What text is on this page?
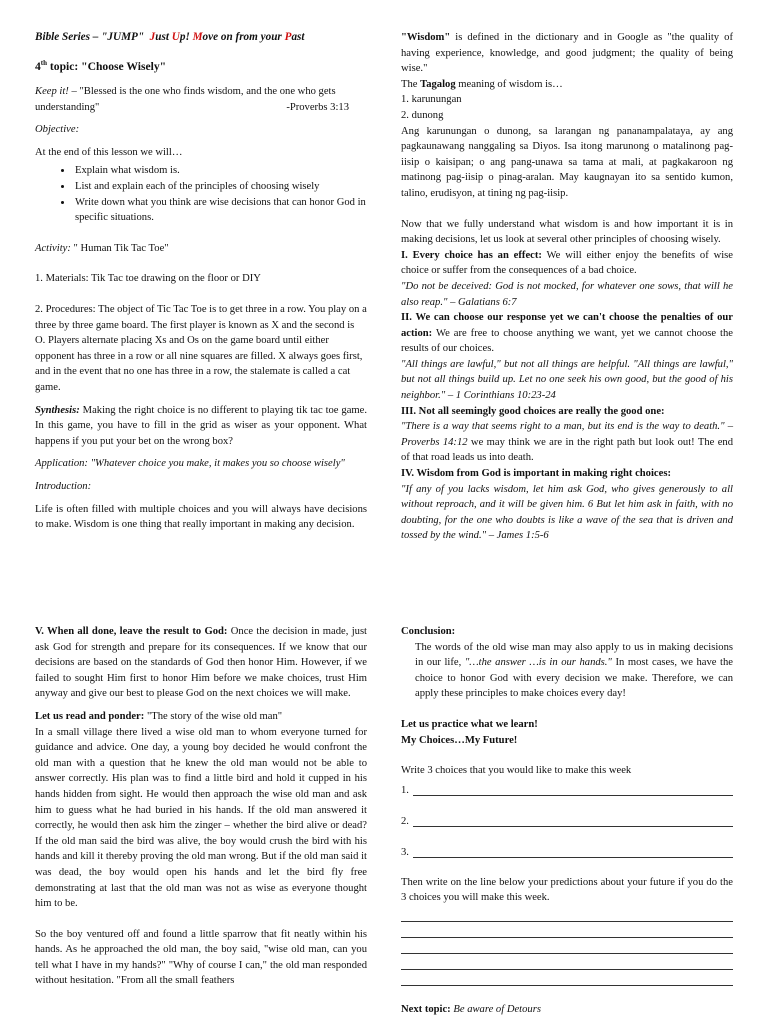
Bible Series – "JUMP" Just Up! Move on from your Past

4th topic: "Choose Wisely"

Keep it! – "Blessed is the one who finds wisdom, and the one who gets

understanding"	-Proverbs 3:13

Objective:

At the end of this lesson we will…

• Explain what wisdom is.
• List and explain each of the principles of choosing wisely
• Write down what you think are wise decisions that can honor God in specific situations.

Activity: " Human Tik Tac Toe"

1. Materials: Tik Tac toe drawing on the floor or DIY

2. Procedures: The object of Tic Tac Toe is to get three in a row. You play on a three by three game board. The first player is known as X and the second is O. Players alternate placing Xs and Os on the game board until either opponent has three in a row or all nine squares are filled. X always goes first, and in the event that no one has three in a row, the stalemate is called a cat game.

Synthesis: Making the right choice is no different to playing tik tac toe game. In this game, you have to fill in the grid as wiser as your opponent. What happens if you put your bet on the wrong box?

Application: "Whatever choice you make, it makes you so choose wisely"

Introduction:

Life is often filled with multiple choices and you will always have decisions to make. Wisdom is one thing that really important in making any decision.

"Wisdom" is defined in the dictionary and in Google as "the quality of having experience, knowledge, and good judgment; the quality of being wise."

The Tagalog meaning of wisdom is…

1. karunungan

2. dunong

Ang karunungan o dunong, sa larangan ng pananampalataya, ay ang pagkaunawang nanggaling sa Diyos. Isa itong marunong o matalinong pag-iisip o kaisipan; o ang pang-unawa sa tama at mali, at pagkakaroon ng matinong pag-iisip o pinag-aralan. May kaugnayan ito sa sentido kumon, talino, erudisyon, at tining ng pag-iisip.

Now that we fully understand what wisdom is and how important it is in making decisions, let us look at several other principles of choosing wisely.

I. Every choice has an effect: We will either enjoy the benefits of wise choice or suffer from the consequences of a bad choice.

"Do not be deceived: God is not mocked, for whatever one sows, that will he also reap." – Galatians 6:7

II. We can choose our response yet we can't choose the penalties of our action: We are free to choose anything we want, yet we cannot choose the results of our choices.

"All things are lawful," but not all things are helpful. "All things are lawful," but not all things build up. Let no one seek his own good, but the good of his neighbor." – 1 Corinthians 10:23-24

III. Not all seemingly good choices are really the good one:

"There is a way that seems right to a man, but its end is the way to death." – Proverbs 14:12 we may think we are in the right path but look out! The end of that road leads us into death.

IV. Wisdom from God is important in making right choices:

"If any of you lacks wisdom, let him ask God, who gives generously to all without reproach, and it will be given him. 6 But let him ask in faith, with no doubting, for the one who doubts is like a wave of the sea that is driven and tossed by the wind." – James 1:5-6

V. When all done, leave the result to God: Once the decision in made, just ask God for strength and prepare for its consequences. If we know that our decisions are based on the standards of God then honor Him. However, if we failed to sought Him first to honor Him before we make choices, trust Him anyway and give our best to please God on the next choices we will make.

Let us read and ponder: "The story of the wise old man"

In a small village there lived a wise old man to whom everyone turned for guidance and advice. One day, a young boy decided he would confront the old man with a question that he knew the old man would not be able to answer correctly. His plan was to find a little bird and hold it cupped in his hands hidden from sight. He would then approach the wise old man and ask him to guess what he had buried in his hands. If the old man answered it correctly, he would then ask him the zinger – whether the bird alive or dead? If the old man said the bird was alive, the boy would crush the bird with his hands and kill it thereby proving the old man wrong. But if the old man said it was dead, the boy would open his hands and let the bird fly free demonstrating at last that the old man was not as wise as everyone thought him to be.

So the boy ventured off and found a little sparrow that fit neatly within his hands. As he approached the old man, the boy said, "wise old man, can you tell what I have in my hands?" "Why of course I can," the old man responded without hesitation. "From all the small feathers

Conclusion:

The words of the old wise man may also apply to us in making decisions in our life, "…the answer …is in our hands." In most cases, we have the choice to honor God with every decision we make. Therefore, we can apply these principles to make choices every day!

Let us practice what we learn!

My Choices…My Future!

Write 3 choices that you would like to make this week

1.
2.
3.

Then write on the line below your predictions about your future if you do the 3 choices you will make this week.

Next topic: Be aware of Detours
